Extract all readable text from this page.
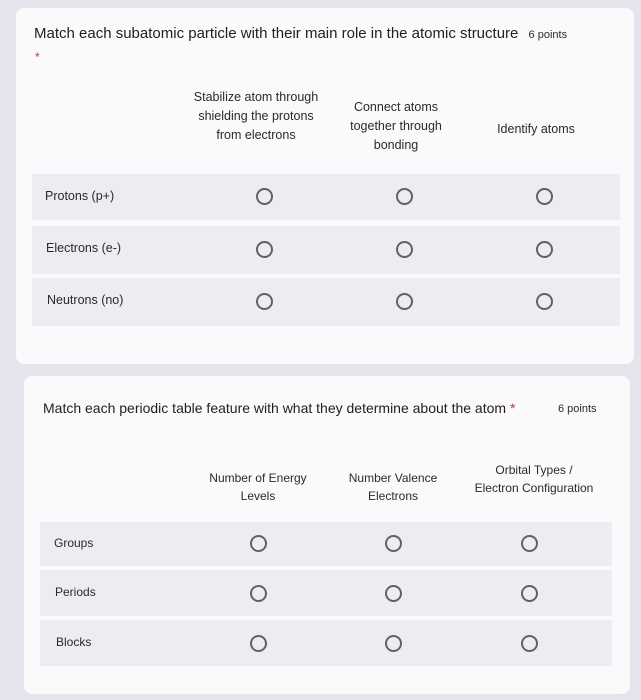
Match each subatomic particle with their main role in the atomic structure 6 points
*
Stabilize atom through shielding the protons from electrons
Connect atoms together through bonding
Identify atoms
Protons (p+)
Electrons (e-)
Neutrons (no)
Match each periodic table feature with what they determine about the atom *	6 points
Number of Energy Levels
Number Valence Electrons
Orbital Types / Electron Configuration
Groups
Periods
Blocks
